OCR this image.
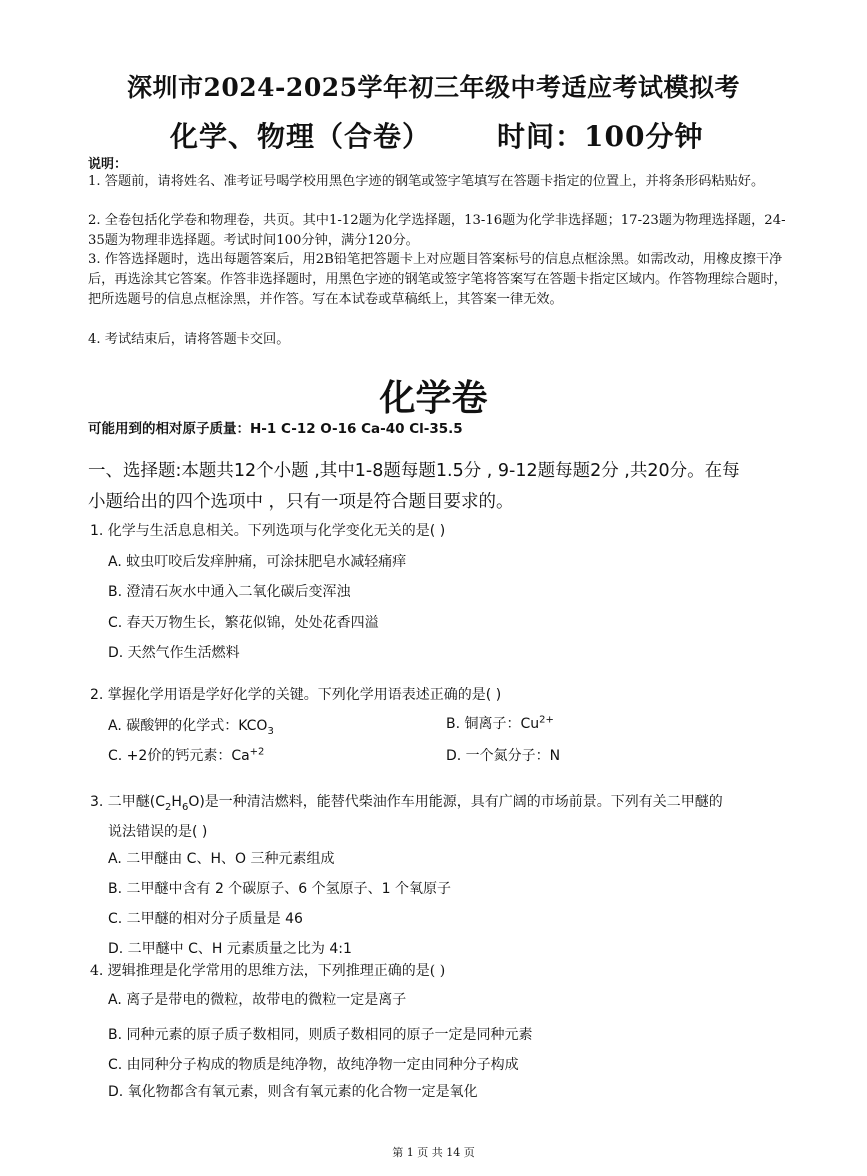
深圳市2024-2025学年初三年级中考适应考试模拟考
化学、物理（合卷） 时间：100分钟
说明：
1. 答题前，请将姓名、准考证号喝学校用黑色字迹的钢笔或签字笔填写在答题卡指定的位置上，并将条形码粘贴好。
2. 全卷包括化学卷和物理卷，共页。其中1-12题为化学选择题，13-16题为化学非选择题；17-23题为物理选择题，24-35题为物理非选择题。考试时间100分钟，满分120分。
3. 作答选择题时，选出每题答案后，用2B铅笔把答题卡上对应题目答案标号的信息点框涂黑。如需改动，用橡皮擦干净后，再选涂其它答案。作答非选择题时，用黑色字迹的钢笔或签字笔将答案写在答题卡指定区域内。作答物理综合题时，把所选题号的信息点框涂黑，并作答。写在本试卷或草稿纸上，其答案一律无效。
4. 考试结束后，请将答题卡交回。
化学卷
可能用到的相对原子质量：H-1 C-12 O-16 Ca-40 Cl-35.5
一、选择题:本题共12个小题 ,其中1-8题每题1.5分 , 9-12题每题2分 ,共20分。在每
小题给出的四个选项中 ，只有一项是符合题目要求的。
1. 化学与生活息息相关。下列选项与化学变化无关的是( )
A. 蚊虫叮咬后发痒肿痛，可涂抹肥皂水减轻痛痒
B. 澄清石灰水中通入二氧化碳后变浑浊
C. 春天万物生长，繁花似锦，处处花香四溢
D. 天然气作生活燃料
2. 掌握化学用语是学好化学的关键。下列化学用语表述正确的是( )
A. 碳酸钾的化学式：$KCO_3$	B. 铜离子：$Cu^{2+}$
C. +2价的钙元素：$Ca^{+2}$	D. 一个氮分子：N
3. 二甲醚$(C_2H_6O)$是一种清洁燃料，能替代柴油作车用能源，具有广阔的市场前景。下列有关二甲醚的
说法错误的是( )
A. 二甲醚由 C、H、O 三种元素组成
B. 二甲醚中含有 2 个碳原子、6 个氢原子、1 个氧原子
C. 二甲醚的相对分子质量是 46
D. 二甲醚中 C、H 元素质量之比为 4:1
4. 逻辑推理是化学常用的思维方法，下列推理正确的是( )
A. 离子是带电的微粒，故带电的微粒一定是离子
B. 同种元素的原子质子数相同，则质子数相同的原子一定是同种元素
C. 由同种分子构成的物质是纯净物，故纯净物一定由同种分子构成
D. 氧化物都含有氧元素，则含有氧元素的化合物一定是氧化
第 1 页 共 14 页
